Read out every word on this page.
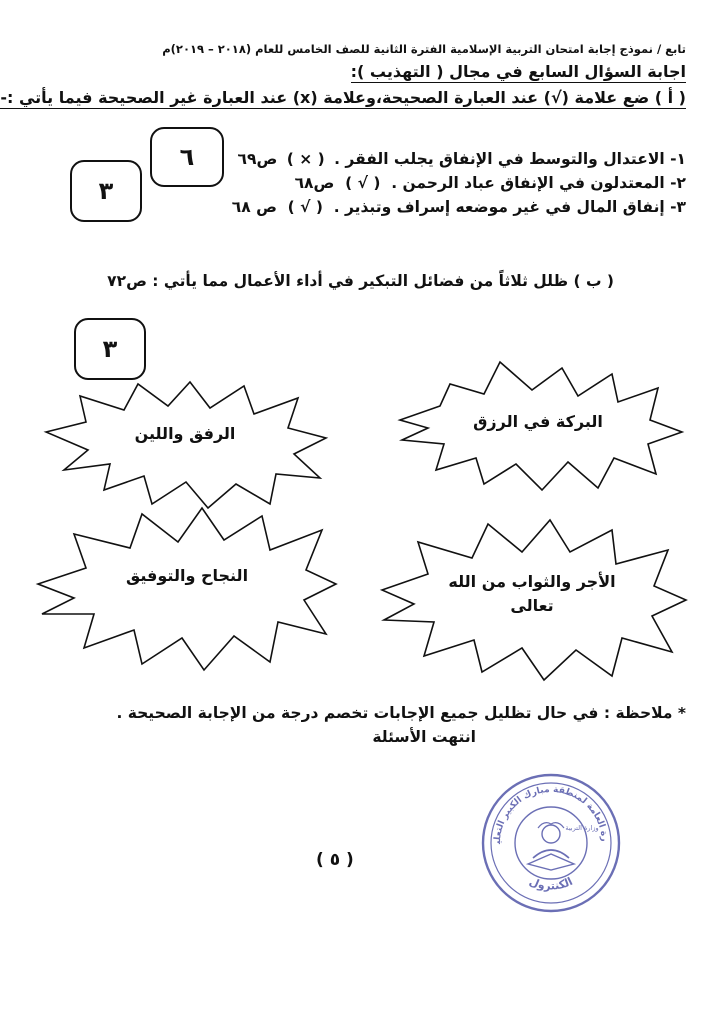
تابع / نموذج إجابة امتحان التربية الإسلامية الفترة الثانية للصف الخامس للعام (٢٠١٨ – ٢٠١٩)م
اجابة السؤال السابع في مجال ( التهذيب ):
( أ ) ضع علامة (√) عند العبارة الصحيحة،وعلامة (x) عند العبارة غير الصحيحة فيما يأتي :-
٦
٣
١- الاعتدال والتوسط في الإنفاق يجلب الفقر . ( × ) ص٦٩
٢- المعتدلون في الإنفاق عباد الرحمن . ( √ ) ص٦٨
٣- إنفاق المال في غير موضعه إسراف وتبذير . ( √ ) ص ٦٨
( ب ) ظلل ثلاثاً من فضائل التبكير في أداء الأعمال مما يأتي : ص٧٢
٣
البركة في الرزق
الرفق واللين
الأجر والثواب من الله تعالى
النجاح والتوفيق
* ملاحظة : في حال تظليل جميع الإجابات تخصم درجة من الإجابة الصحيحة .
انتهت الأسئلة
رة العامة لمنطقة مبارك الكبير التعلي
الكنترول
وزارة التربية
( ٥ )
